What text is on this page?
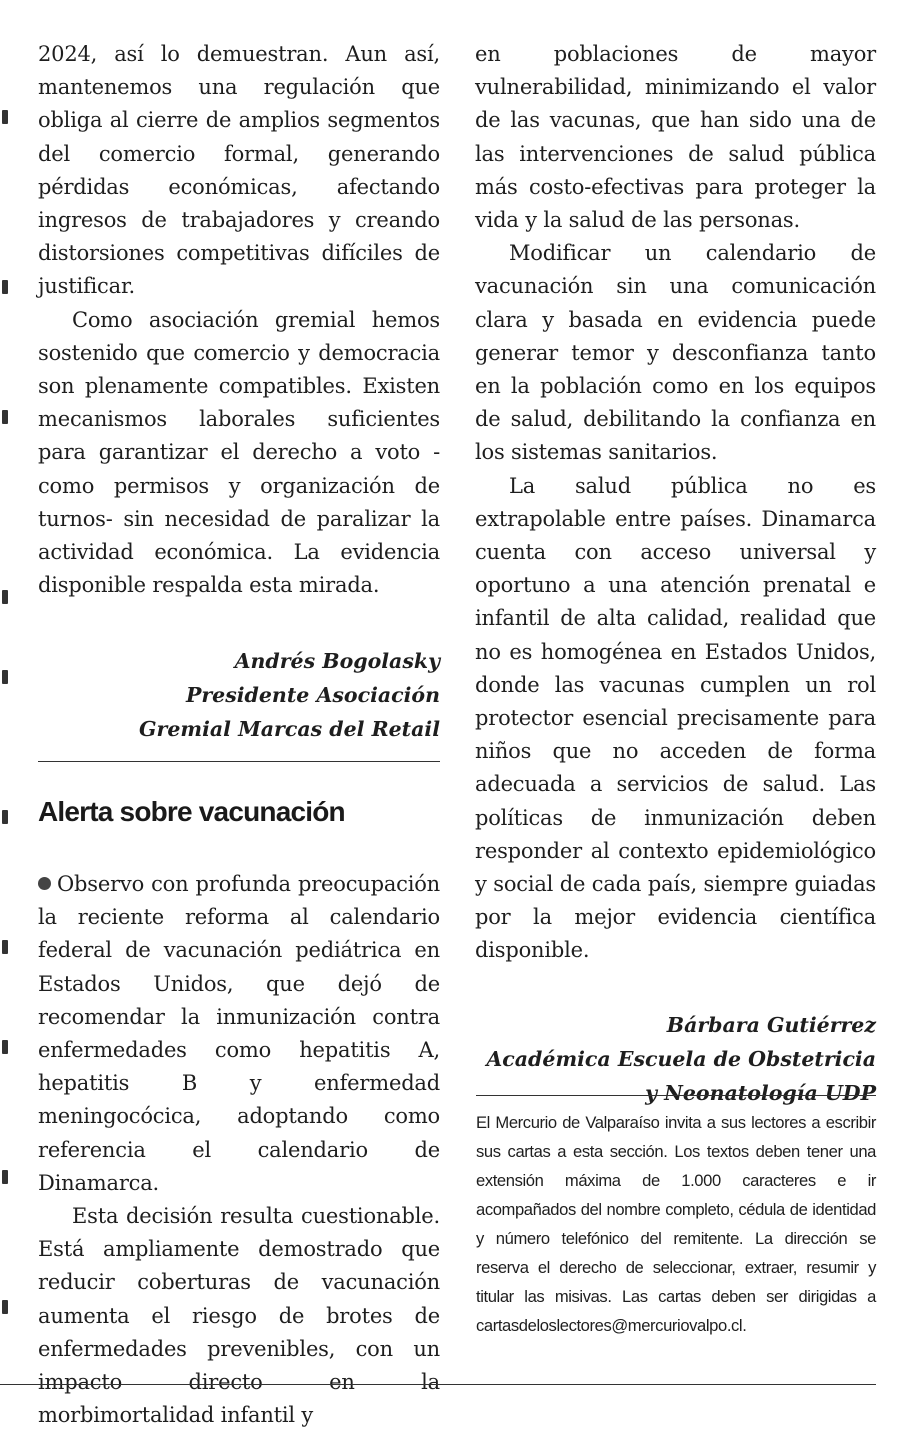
2024, así lo demuestran. Aun así, mantenemos una regulación que obliga al cierre de amplios segmentos del comercio formal, generando pérdidas económicas, afectando ingresos de trabajadores y creando distorsiones competitivas difíciles de justificar.

Como asociación gremial hemos sostenido que comercio y democracia son plenamente compatibles. Existen mecanismos laborales suficientes para garantizar el derecho a voto -como permisos y organización de turnos- sin necesidad de paralizar la actividad económica. La evidencia disponible respalda esta mirada.

Andrés Bogolasky
Presidente Asociación
Gremial Marcas del Retail
Alerta sobre vacunación

Observo con profunda preocupación la reciente reforma al calendario federal de vacunación pediátrica en Estados Unidos, que dejó de recomendar la inmunización contra enfermedades como hepatitis A, hepatitis B y enfermedad meningocócica, adoptando como referencia el calendario de Dinamarca.

Esta decisión resulta cuestionable. Está ampliamente demostrado que reducir coberturas de vacunación aumenta el riesgo de brotes de enfermedades prevenibles, con un impacto directo en la morbimortalidad infantil y

en poblaciones de mayor vulnerabilidad, minimizando el valor de las vacunas, que han sido una de las intervenciones de salud pública más costo-efectivas para proteger la vida y la salud de las personas.

Modificar un calendario de vacunación sin una comunicación clara y basada en evidencia puede generar temor y desconfianza tanto en la población como en los equipos de salud, debilitando la confianza en los sistemas sanitarios.

La salud pública no es extrapolable entre países. Dinamarca cuenta con acceso universal y oportuno a una atención prenatal e infantil de alta calidad, realidad que no es homogénea en Estados Unidos, donde las vacunas cumplen un rol protector esencial precisamente para niños que no acceden de forma adecuada a servicios de salud. Las políticas de inmunización deben responder al contexto epidemiológico y social de cada país, siempre guiadas por la mejor evidencia científica disponible.

Bárbara Gutiérrez
Académica Escuela de Obstetricia
y Neonatología UDP

El Mercurio de Valparaíso invita a sus lectores a escribir sus cartas a esta sección. Los textos deben tener una extensión máxima de 1.000 caracteres e ir acompañados del nombre completo, cédula de identidad y número telefónico del remitente. La dirección se reserva el derecho de seleccionar, extraer, resumir y titular las misivas. Las cartas deben ser dirigidas a cartasdeloslectores@mercuriovalpo.cl.
